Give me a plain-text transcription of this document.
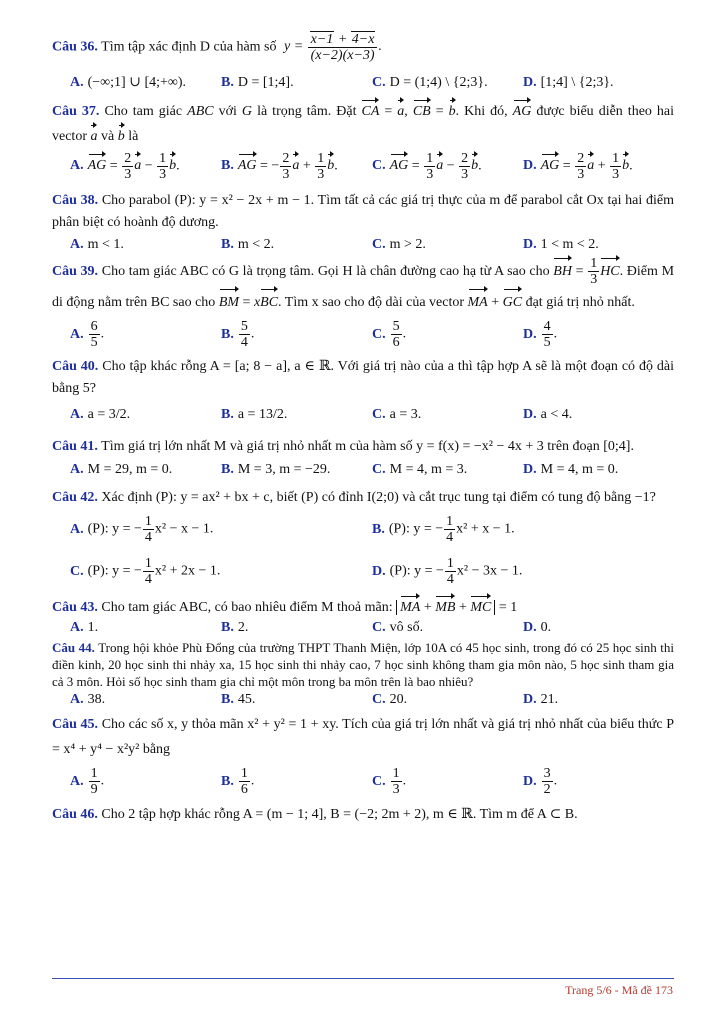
Câu 36. Tìm tập xác định D của hàm số $y = \frac{x-1 + 4-x}{(x-2)(x-3)}$ .
A. (−∞;1] ∪ [4;+∞).	B. D = [1;4].	C. D = (1;4) \ {2;3}.	D. [1;4] \ {2;3}.
Câu 37. Cho tam giác ABC với G là trọng tâm. Đặt CA = a, CB = b. Khi đó, AG được biểu diễn theo hai vector a và b là
A. AG = $\frac{2}{3}$ $a - \frac{1}{3} b$.	B. AG = − $\frac{2}{3}$ $a + \frac{1}{3} b$.	C. AG = $\frac{1}{3}$ $a - \frac{2}{3} b$.	D. AG = $\frac{2}{3}$ $a + \frac{1}{3} b$.
Câu 38. Cho parabol (P): y = x² − 2x + m − 1. Tìm tất cả các giá trị thực của m để parabol cắt Ox tại hai điểm phân biệt có hoành độ dương.
A. m < 1.	B. m < 2.	C. m > 2.	D. 1 < m < 2.
Câu 39. Cho tam giác ABC có G là trọng tâm. Gọi H là chân đường cao hạ từ A sao cho BH = $\frac{1}{3}$ HC. Điểm M di động nằm trên BC sao cho BM = xBC. Tìm x sao cho độ dài của vector MA + GC đạt giá trị nhỏ nhất.
A. $\frac{6}{5}$ .	B. $\frac{5}{4}$ .	C. $\frac{5}{6}$ .	D. $\frac{4}{5}$ .
Câu 40. Cho tập khác rỗng A = [a; 8 − a], a ∈ ℝ. Với giá trị nào của a thì tập hợp A sẽ là một đoạn có độ dài bằng 5?
A. a = 3/2.	B. a = 13/2.	C. a = 3.	D. a < 4.
Câu 41. Tìm giá trị lớn nhất M và giá trị nhỏ nhất m của hàm số y = f(x) = −x² − 4x + 3 trên đoạn [0;4].
A. M = 29, m = 0.	B. M = 3, m = −29.	C. M = 4, m = 3.	D. M = 4, m = 0.
Câu 42. Xác định (P): y = ax² + bx + c, biết (P) có đỉnh I(2;0) và cắt trục tung tại điểm có tung độ bằng −1?
A. (P): y = − $\frac{1}{4} x^2 - x - 1$.	B. (P): y = − $\frac{1}{4} x^2 + x - 1$.
C. (P): y = − $\frac{1}{4} x^2 + 2x - 1$.	D. (P): y = − $\frac{1}{4} x^2 - 3x - 1$.
Câu 43. Cho tam giác ABC, có bao nhiêu điểm M thoả mãn: MA + MB + MC = 1
A. 1.	B. 2.	C. vô số.	D. 0.
Câu 44. Trong hội khỏe Phù Đổng của trường THPT Thanh Miện, lớp 10A có 45 học sinh, trong đó có 25 học sinh thi điền kinh, 20 học sinh thi nhảy xa, 15 học sinh thi nhảy cao, 7 học sinh không tham gia môn nào, 5 học sinh tham gia cả 3 môn. Hỏi số học sinh tham gia chỉ một môn trong ba môn trên là bao nhiêu?
A. 38.	B. 45.	C. 20.	D. 21.
Câu 45. Cho các số x, y thỏa mãn x² + y² = 1 + xy. Tích của giá trị lớn nhất và giá trị nhỏ nhất của biểu thức P = x⁴ + y⁴ − x²y² bằng
A. $\frac{1}{9}$ .	B. $\frac{1}{6}$ .	C. $\frac{1}{3}$ .	D. $\frac{3}{2}$ .
Câu 46. Cho 2 tập hợp khác rỗng A = (m − 1; 4], B = (−2; 2m + 2), m ∈ ℝ. Tìm m để A ⊂ B.
Trang 5/6 - Mã đề 173
